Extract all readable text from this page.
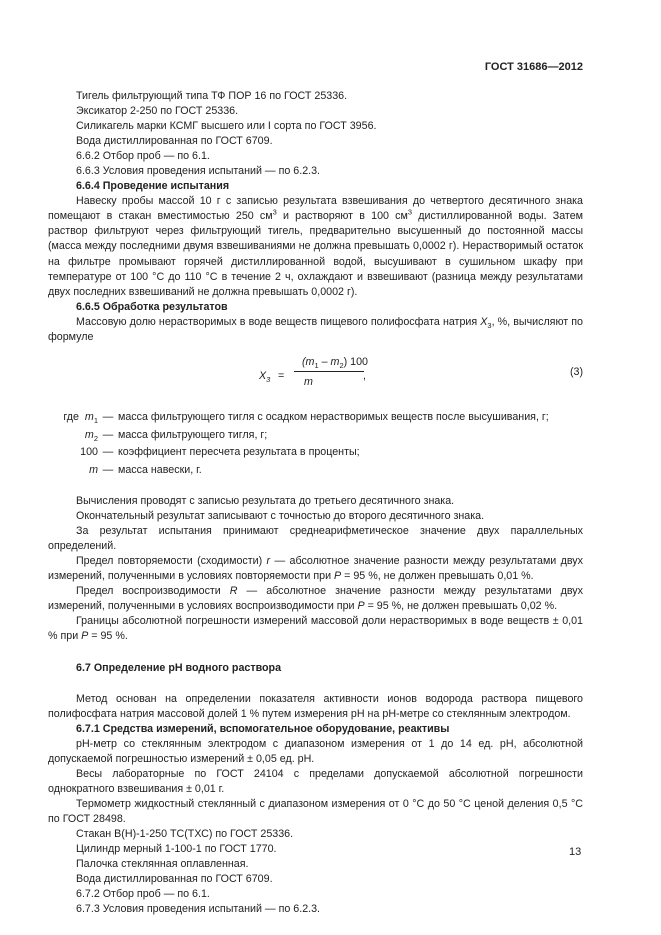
ГОСТ 31686—2012

Тигель фильтрующий типа ТФ ПОР 16 по ГОСТ 25336.

Эксикатор 2-250 по ГОСТ 25336.

Силикагель марки КСМГ высшего или I сорта по ГОСТ 3956.

Вода дистиллированная по ГОСТ 6709.

6.6.2 Отбор проб — по 6.1.

6.6.3 Условия проведения испытаний — по 6.2.3.

6.6.4 Проведение испытания

Навеску пробы массой 10 г с записью результата взвешивания до четвертого десятичного знака помещают в стакан вместимостью 250 $см^3$ и растворяют в 100 $см^3$ дистиллированной воды. Затем раствор фильтруют через фильтрующий тигель, предварительно высушенный до постоянной массы (масса между последними двумя взвешиваниями не должна превышать 0,0002 г). Нерастворимый остаток на фильтре промывают горячей дистиллированной водой, высушивают в сушильном шкафу при температуре от 100 °С до 110 °С в течение 2 ч, охлаждают и взвешивают (разница между результатами двух последних взвешиваний не должна превышать 0,0002 г).

6.6.5 Обработка результатов

Массовую долю нерастворимых в воде веществ пищевого полифосфата натрия $X_3$, %, вычисляют по формуле

$X_3$ =
$(m_1 - m_2)$ 100
m	,	(3)
где $m_1$	—	масса фильтрующего тигля с осадком нерастворимых веществ после высушивания, г;
$m_2$	—	масса фильтрующего тигля, г;
100	—	коэффициент пересчета результата в проценты;
m	—	масса навески, г.

Вычисления проводят с записью результата до третьего десятичного знака.

Окончательный результат записывают с точностью до второго десятичного знака.

За результат испытания принимают среднеарифметическое значение двух параллельных определений.

Предел повторяемости (сходимости) r — абсолютное значение разности между результатами двух измерений, полученными в условиях повторяемости при P = 95 %, не должен превышать 0,01 %.

Предел воспроизводимости R — абсолютное значение разности между результатами двух измерений, полученными в условиях воспроизводимости при P = 95 %, не должен превышать 0,02 %.

Границы абсолютной погрешности измерений массовой доли нерастворимых в воде веществ ± 0,01 % при P = 95 %.

6.7 Определение рН водного раствора

Метод основан на определении показателя активности ионов водорода раствора пищевого полифосфата натрия массовой долей 1 % путем измерения рН на рН-метре со стеклянным электродом.

6.7.1 Средства измерений, вспомогательное оборудование, реактивы

рН-метр со стеклянным электродом с диапазоном измерения от 1 до 14 ед. рН, абсолютной допускаемой погрешностью измерений ± 0,05 ед. рН.

Весы лабораторные по ГОСТ 24104 с пределами допускаемой абсолютной погрешности однократного взвешивания ± 0,01 г.

Термометр жидкостный стеклянный с диапазоном измерения от 0 °С до 50 °С ценой деления 0,5 °С по ГОСТ 28498.

Стакан В(Н)-1-250 ТС(ТХС) по ГОСТ 25336.

Цилиндр мерный 1-100-1 по ГОСТ 1770.

Палочка стеклянная оплавленная.

Вода дистиллированная по ГОСТ 6709.

6.7.2 Отбор проб — по 6.1.

6.7.3 Условия проведения испытаний — по 6.2.3.

13
